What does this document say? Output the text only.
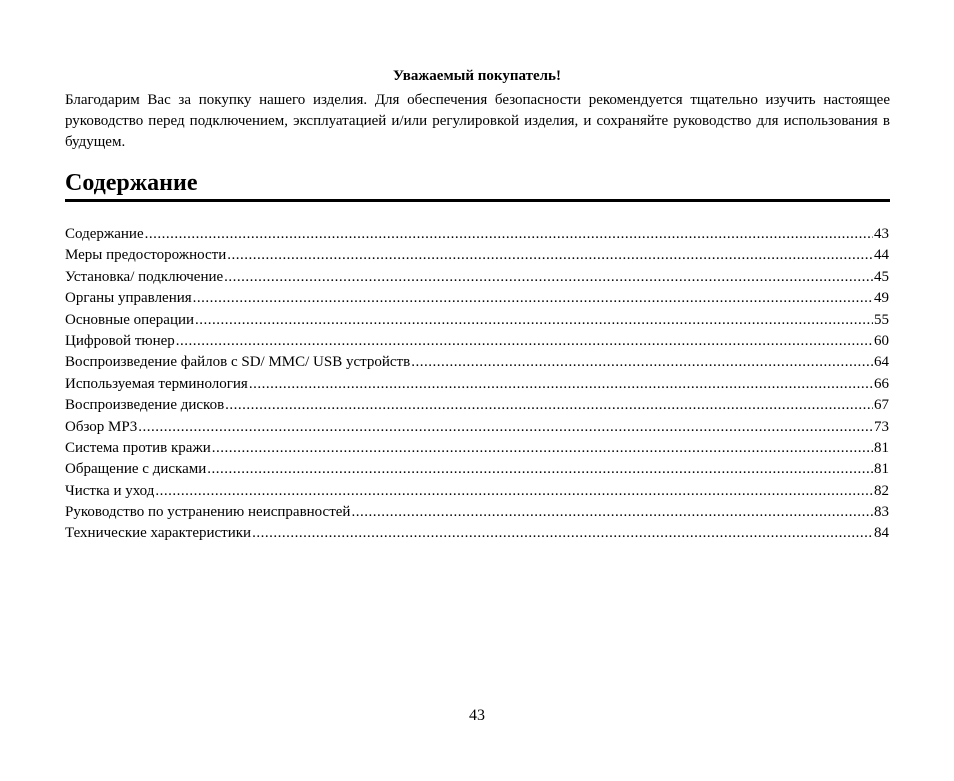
Уважаемый покупатель!
Благодарим Вас за покупку нашего изделия. Для обеспечения безопасности рекомендуется тщательно изучить настоящее руководство перед подключением, эксплуатацией и/или регулировкой изделия, и сохраняйте руководство для использования в будущем.
Содержание
Содержание .....	43
Меры предосторожности .....	44
Установка/ подключение .....	45
Органы управления .....	49
Основные операции .....	55
Цифровой тюнер .....	60
Воспроизведение файлов с SD/ MMC/ USB устройств .....	64
Используемая терминология .....	66
Воспроизведение дисков .....	67
Обзор MP3 .....	73
Система против кражи .....	81
Обращение с дисками .....	81
Чистка и уход .....	82
Руководство по устранению неисправностей .....	83
Технические характеристики .....	84
43
